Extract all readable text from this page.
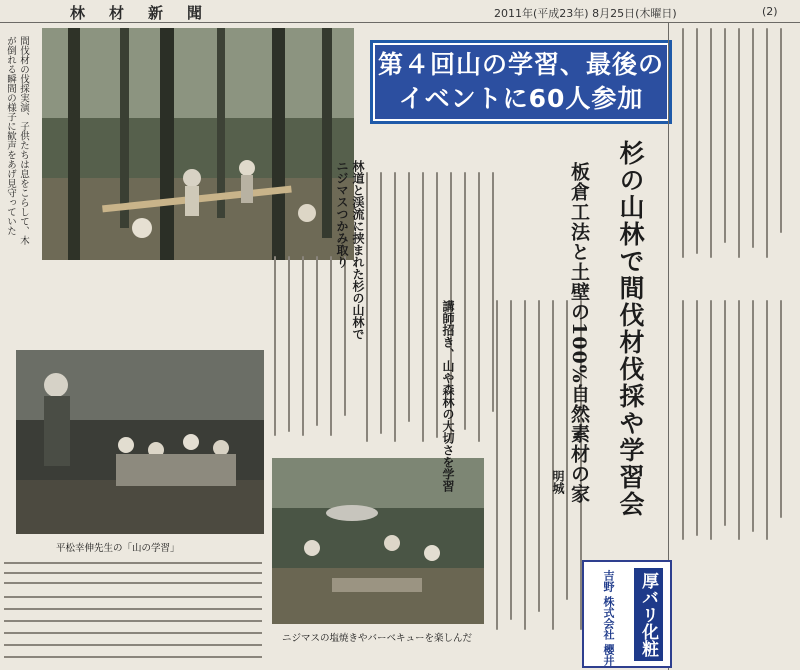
林材新聞	2011年(平成23年) 8月25日(木曜日)	(2)
間伐材の伐採実演、子供たちは息をこらして、木が倒れる瞬間の様子に歓声をあげ見守っていた
平松幸伸先生の「山の学習」
ニジマスの塩焼きやバーベキューを楽しんだ
第４回山の学習、最後の
イベントに60人参加
杉の山林で間伐材伐採や学習会
板倉工法と土壁の100%自然素材の家
明城
林道と渓流に挟まれた杉の山林で
ニジマスつかみ取り
講師招き、山や森林の大切さを学習
厚バリ化粧
吉野 株式会社 櫻井
